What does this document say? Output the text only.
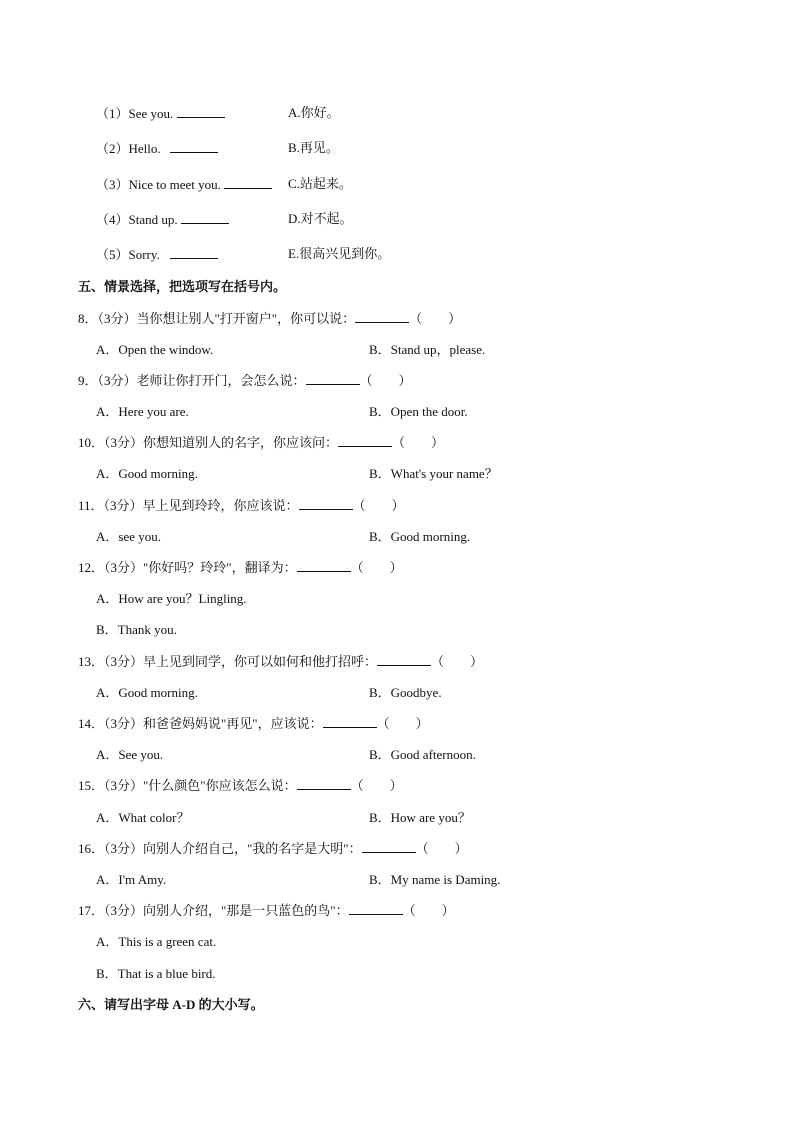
（1）See you.	A.你好。
（2）Hello.	B.再见。
（3）Nice to meet you.	C.站起来。
（4）Stand up.	D.对不起。
（5）Sorry.	E.很高兴见到你。
五、情景选择，把选项写在括号内。
8．（3分）当你想让别人"打开窗户"，你可以说：	（　　）
A．Open the window.	B．Stand up，please.
9．（3分）老师让你打开门，会怎么说：	（　　）
A．Here you are.	B．Open the door.
10．（3分）你想知道别人的名字，你应该问：	（　　）
A．Good morning.	B．What's your name？
11．（3分）早上见到玲玲，你应该说：	（　　）
A．see you.	B．Good morning.
12．（3分）"你好吗？玲玲"，翻译为：	（　　）
A．How are you？Lingling.
B．Thank you.
13．（3分）早上见到同学，你可以如何和他打招呼：	（　　）
A．Good morning.	B．Goodbye.
14．（3分）和爸爸妈妈说"再见"，应该说：	（　　）
A．See you.	B．Good afternoon.
15．（3分）"什么颜色"你应该怎么说：	（　　）
A．What color？	B．How are you？
16．（3分）向别人介绍自己，"我的名字是大明"：	（　　）
A．I'm Amy.	B．My name is Daming.
17．（3分）向别人介绍，"那是一只蓝色的鸟"：	（　　）
A．This is a green cat.
B．That is a blue bird.
六、请写出字母 A-D 的大小写。
